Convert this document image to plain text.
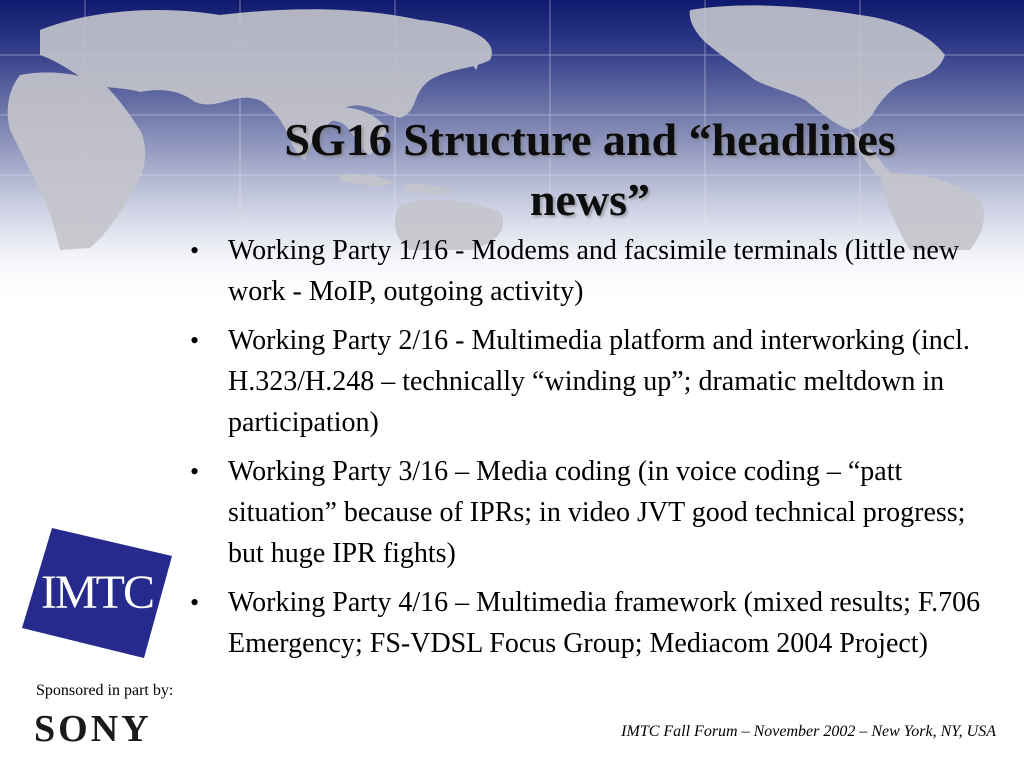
SG16 Structure and “headlines
news”
• Working Party 1/16 - Modems and facsimile terminals (little new work - MoIP, outgoing activity)
• Working Party 2/16 - Multimedia platform and interworking (incl. H.323/H.248 – technically “winding up”; dramatic meltdown in participation)
• Working Party 3/16 – Media coding (in voice coding – “patt situation” because of IPRs; in video JVT good technical progress; but huge IPR fights)
• Working Party 4/16 – Multimedia framework (mixed results; F.706 Emergency; FS-VDSL Focus Group; Mediacom 2004 Project)
IMTC
Sponsored in part by:
SONY	IMTC Fall Forum – November 2002 – New York, NY, USA
